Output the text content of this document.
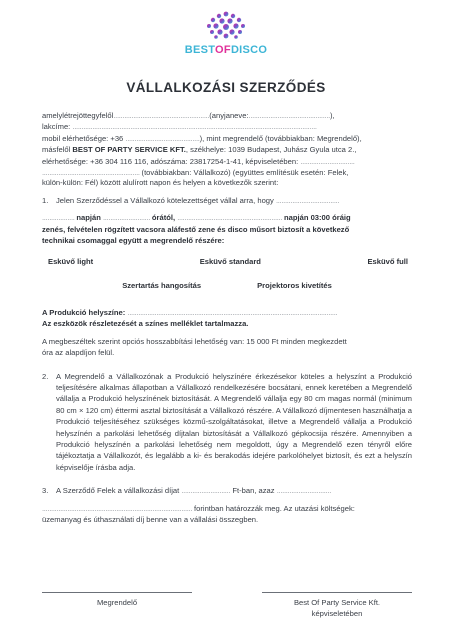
BESTOFDISCO
VÁLLALKOZÁSI SZERZŐDÉS
amelylétrejöttegyfelől.....................................................(anyjaneve:.............................................),
lakcíme: .......................................................................................................................................
mobil elérhetősége: +36 .........................................), mint megrendelő (továbbiakban: Megrendelő),
másfelől BEST OF PARTY SERVICE KFT., székhelye: 1039 Budapest, Juhász Gyula utca 2.,
elérhetősége: +36 304 116 116, adószáma: 23817254-1-41, képviseletében: ..............................
...................................................... (továbbiakban: Vállalkozó) (együttes említésük esetén: Felek,
külön-külön: Fél) között alulírott napon és helyen a következők szerint:
1.	Jelen Szerződéssel a Vállalkozó kötelezettséget vállal arra, hogy ...................................
.................. napján .......................... órától, .......................................................... napján 03:00 óráig
zenés, felvételen rögzített vacsora aláfestő zene és disco műsort biztosít a következő
technikai csomaggal együtt a megrendelő részére:
Esküvő light	Esküvő standard	Esküvő full
Szertartás hangosítás	Projektoros kivetítés
A Produkció helyszíne: ....................................................................................................................
Az eszközök részletezését a színes melléklet tartalmazza.
A megbeszéltek szerint opciós hosszabbítási lehetőség van: 15 000 Ft minden megkezdett
óra az alapdíjon felül.
2.	A Megrendelő a Vállalkozónak a Produkció helyszínére érkezésekor köteles a helyszínt a Produkció teljesítésére alkalmas állapotban a Vállalkozó rendelkezésére bocsátani, ennek keretében a Megrendelő vállalja a Produkció helyszínének biztosítását. A Megrendelő vállalja egy 80 cm magas normál (minimum 80 cm × 120 cm) éttermi asztal biztosítását a Vállalkozó részére. A Vállalkozó díjmentesen használhatja a Produkció teljesítéséhez szükséges közmű-szolgáltatásokat, illetve a Megrendelő vállalja a Produkció helyszínén a parkolási lehetőség díjtalan biztosítását a Vállalkozó gépkocsija részére. Amennyiben a Produkció helyszínén a parkolási lehetőség nem megoldott, úgy a Megrendelő ezen tényről előre tájékoztatja a Vállalkozót, és legalább a ki- és berakodás idejére parkolóhelyet biztosít, és ezt a helyszín képviselője írásba adja.
3.	A Szerződő Felek a vállalkozási díjat ........................... Ft-ban, azaz ..............................
................................................................................... forintban határozzák meg. Az utazási költségek:
üzemanyag és úthasználati díj benne van a vállalási összegben.
Megrendelő	Best Of Party Service Kft.
képviseletében
